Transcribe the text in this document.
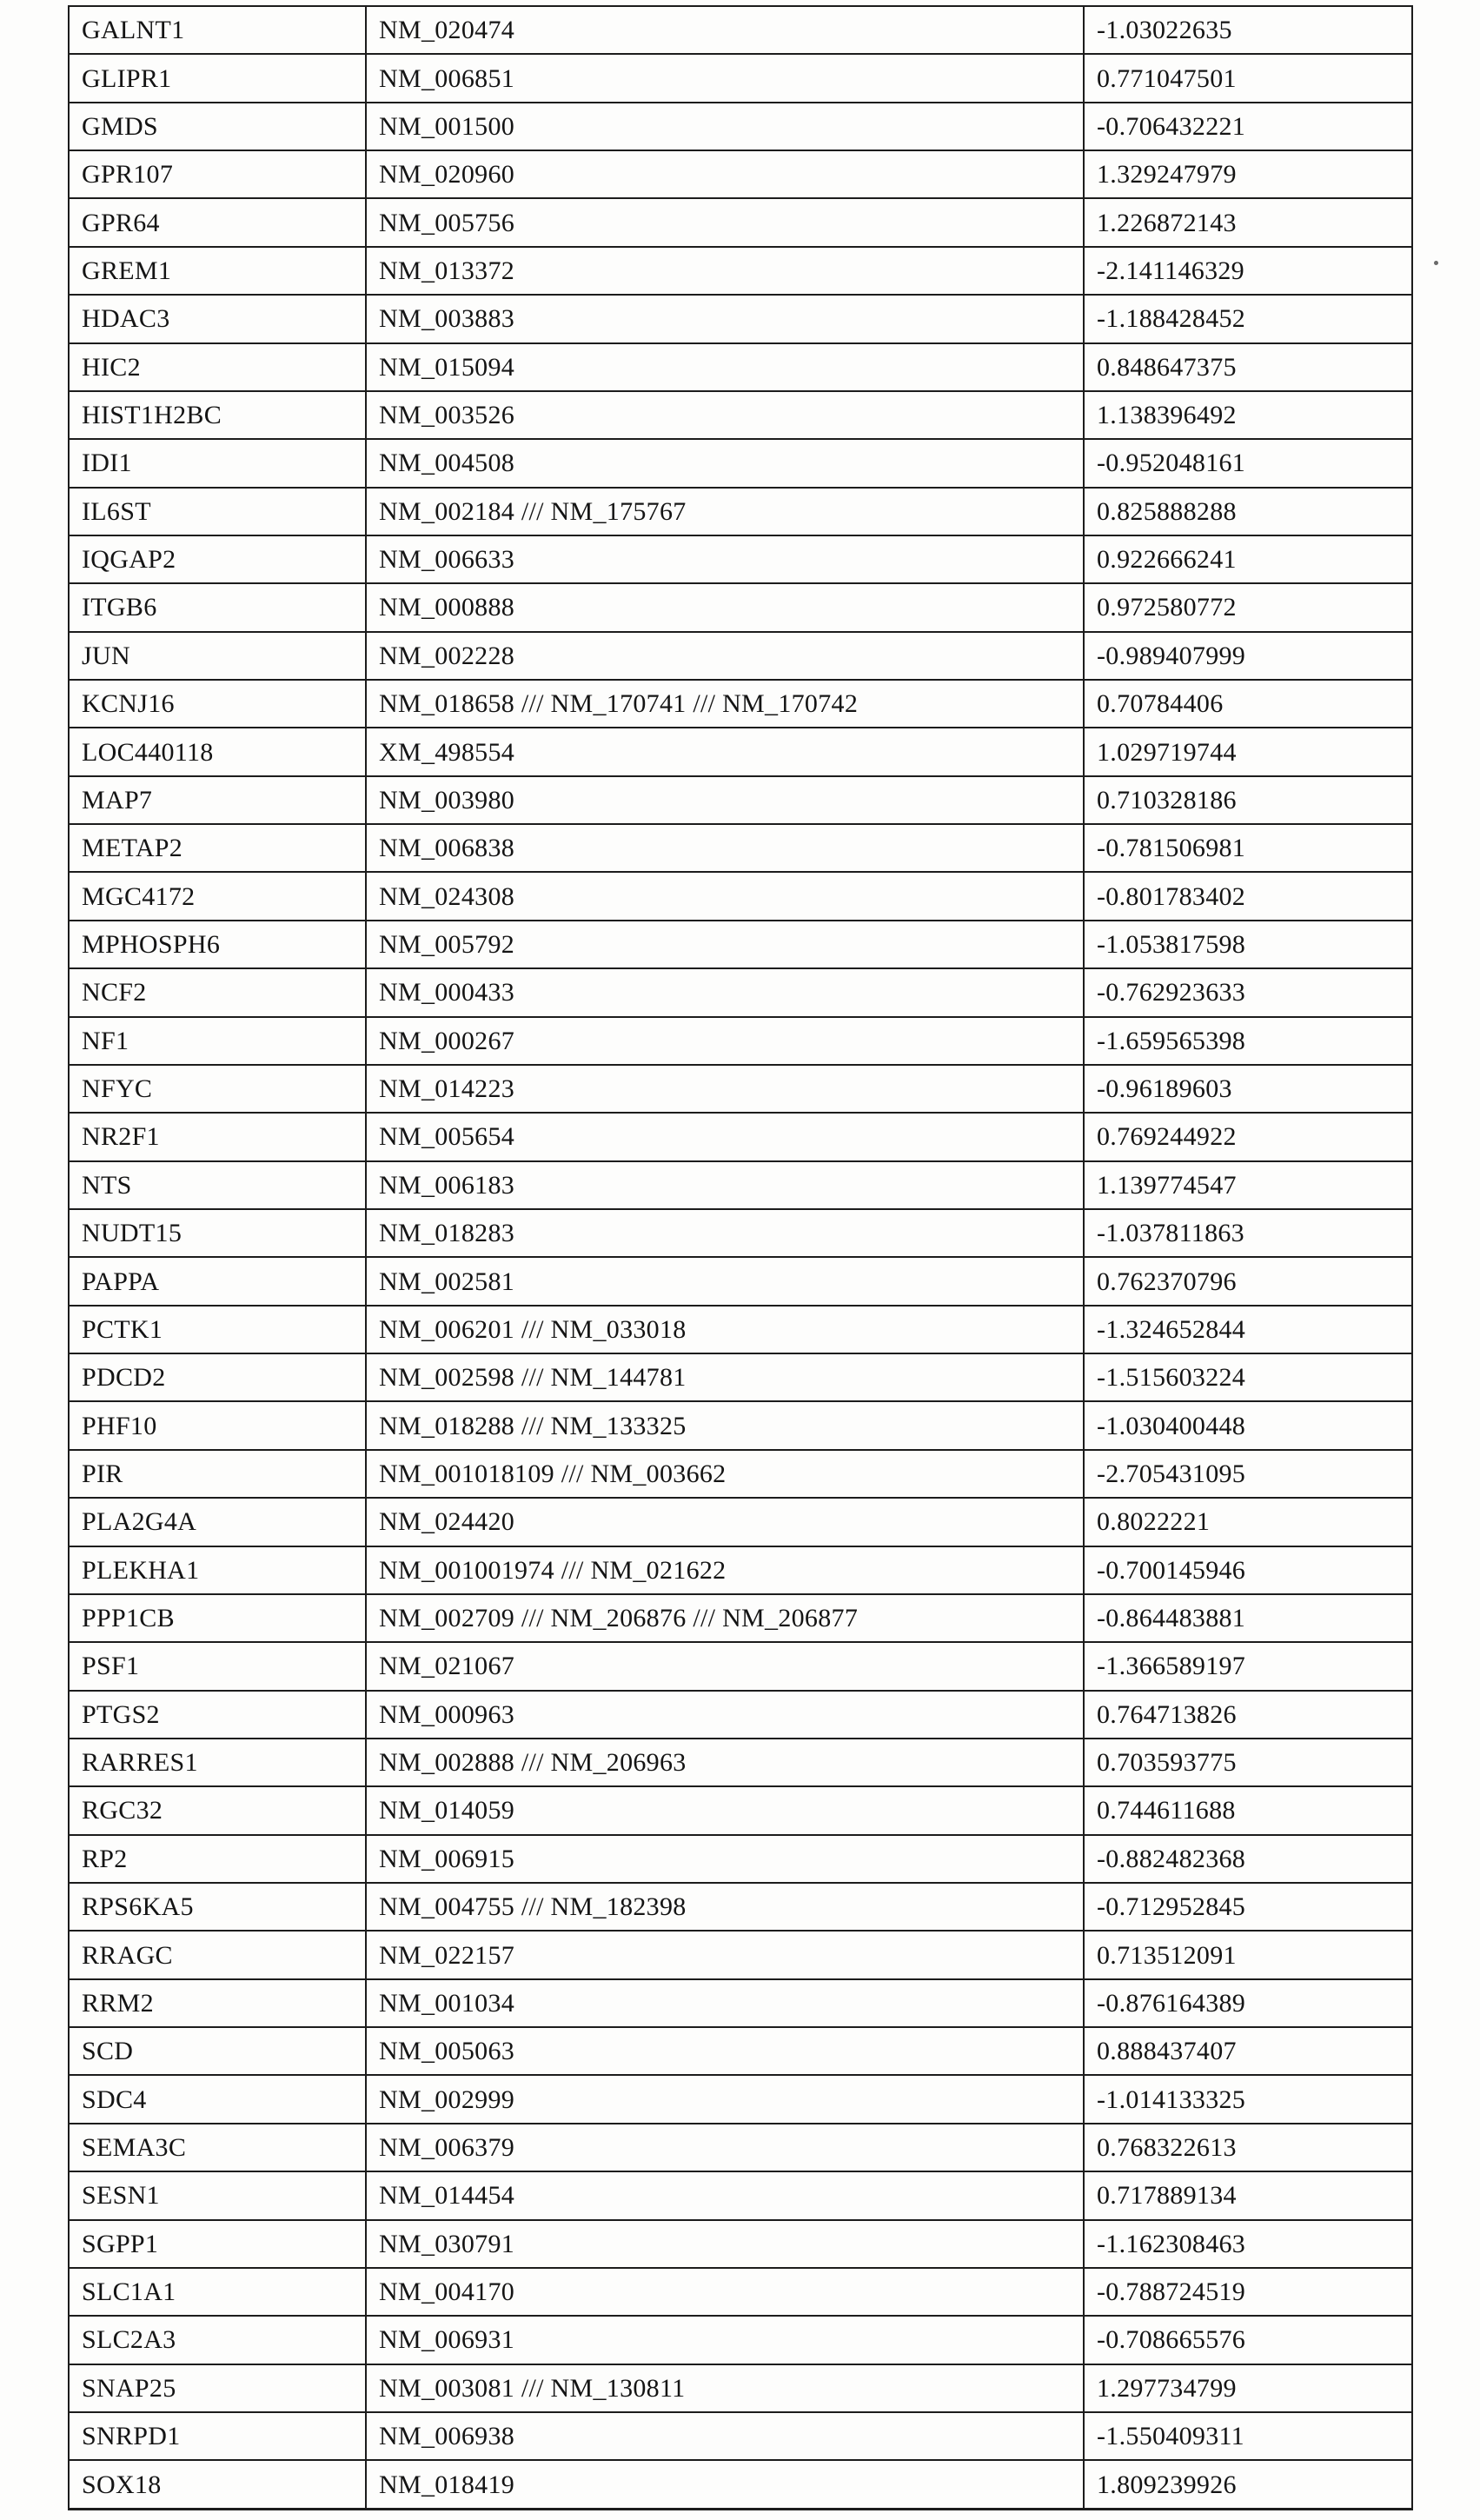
GALNT1	NM_020474	-1.03022635
GLIPR1	NM_006851	0.771047501
GMDS	NM_001500	-0.706432221
GPR107	NM_020960	1.329247979
GPR64	NM_005756	1.226872143
GREM1	NM_013372	-2.141146329
HDAC3	NM_003883	-1.188428452
HIC2	NM_015094	0.848647375
HIST1H2BC	NM_003526	1.138396492
IDI1	NM_004508	-0.952048161
IL6ST	NM_002184 /// NM_175767	0.825888288
IQGAP2	NM_006633	0.922666241
ITGB6	NM_000888	0.972580772
JUN	NM_002228	-0.989407999
KCNJ16	NM_018658 /// NM_170741 /// NM_170742	0.70784406
LOC440118	XM_498554	1.029719744
MAP7	NM_003980	0.710328186
METAP2	NM_006838	-0.781506981
MGC4172	NM_024308	-0.801783402
MPHOSPH6	NM_005792	-1.053817598
NCF2	NM_000433	-0.762923633
NF1	NM_000267	-1.659565398
NFYC	NM_014223	-0.96189603
NR2F1	NM_005654	0.769244922
NTS	NM_006183	1.139774547
NUDT15	NM_018283	-1.037811863
PAPPA	NM_002581	0.762370796
PCTK1	NM_006201 /// NM_033018	-1.324652844
PDCD2	NM_002598 /// NM_144781	-1.515603224
PHF10	NM_018288 /// NM_133325	-1.030400448
PIR	NM_001018109 /// NM_003662	-2.705431095
PLA2G4A	NM_024420	0.8022221
PLEKHA1	NM_001001974 /// NM_021622	-0.700145946
PPP1CB	NM_002709 /// NM_206876 /// NM_206877	-0.864483881
PSF1	NM_021067	-1.366589197
PTGS2	NM_000963	0.764713826
RARRES1	NM_002888 /// NM_206963	0.703593775
RGC32	NM_014059	0.744611688
RP2	NM_006915	-0.882482368
RPS6KA5	NM_004755 /// NM_182398	-0.712952845
RRAGC	NM_022157	0.713512091
RRM2	NM_001034	-0.876164389
SCD	NM_005063	0.888437407
SDC4	NM_002999	-1.014133325
SEMA3C	NM_006379	0.768322613
SESN1	NM_014454	0.717889134
SGPP1	NM_030791	-1.162308463
SLC1A1	NM_004170	-0.788724519
SLC2A3	NM_006931	-0.708665576
SNAP25	NM_003081 /// NM_130811	1.297734799
SNRPD1	NM_006938	-1.550409311
SOX18	NM_018419	1.809239926
